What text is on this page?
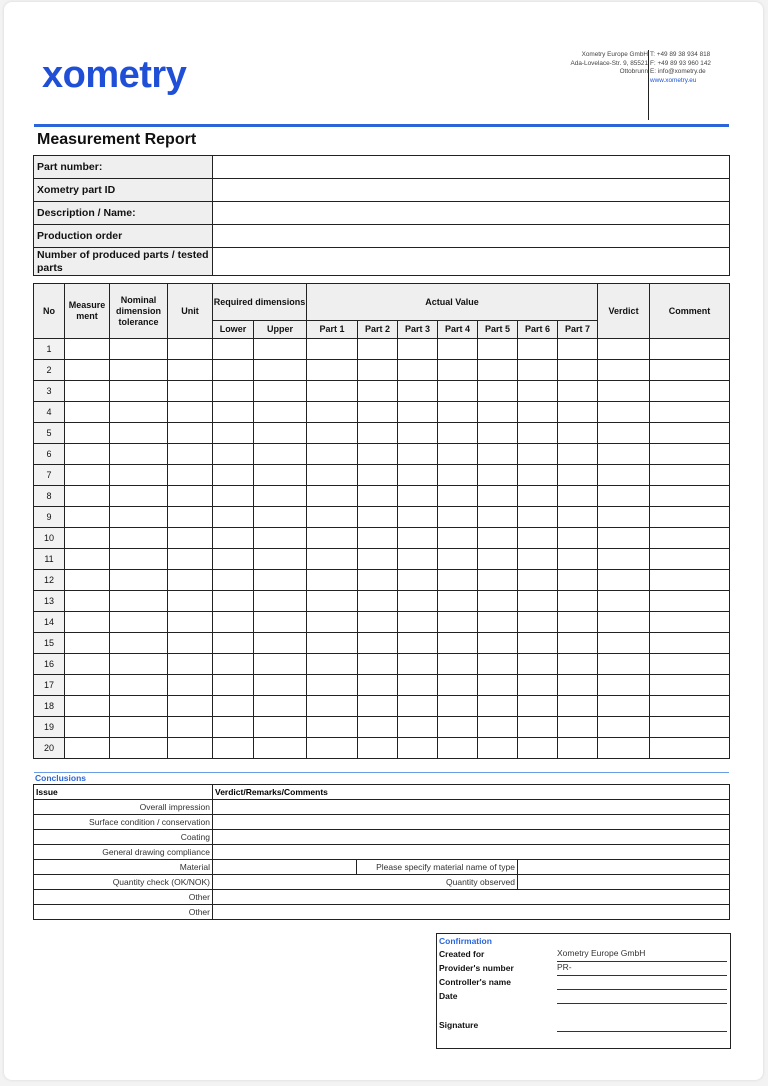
xometry	Xometry Europe GmbH
Ada-Lovelace-Str. 9, 85521
Ottobrunn
T: +49 89 38 934 818
F: +49 89 93 960 142
E: info@xometry.de
www.xometry.eu
Measurement Report
Part number:	
Xometry part ID	
Description / Name:	
Production order	
Number of produced parts / tested parts	
No	Measure ment	Nominal dimension tolerance	Unit	Required dimensions		Actual Value							Verdict	Comment
				Lower	Upper	Part 1	Part 2	Part 3	Part 4	Part 5	Part 6	Part 7		
1														
2														
3														
4														
5														
6														
7														
8														
9														
10														
11														
12														
13														
14														
15														
16														
17														
18														
19														
20														
Conclusions
Issue	Verdict/Remarks/Comments		
Overall impression			
Surface condition / conservation			
Coating			
General drawing compliance			
Material		Please specify material name of type	
Quantity check (OK/NOK)	Quantity observed		
Other			
Other			
Confirmation
Created for	Xometry Europe GmbH
Provider's number	PR-
Controller's name
Date
Signature
